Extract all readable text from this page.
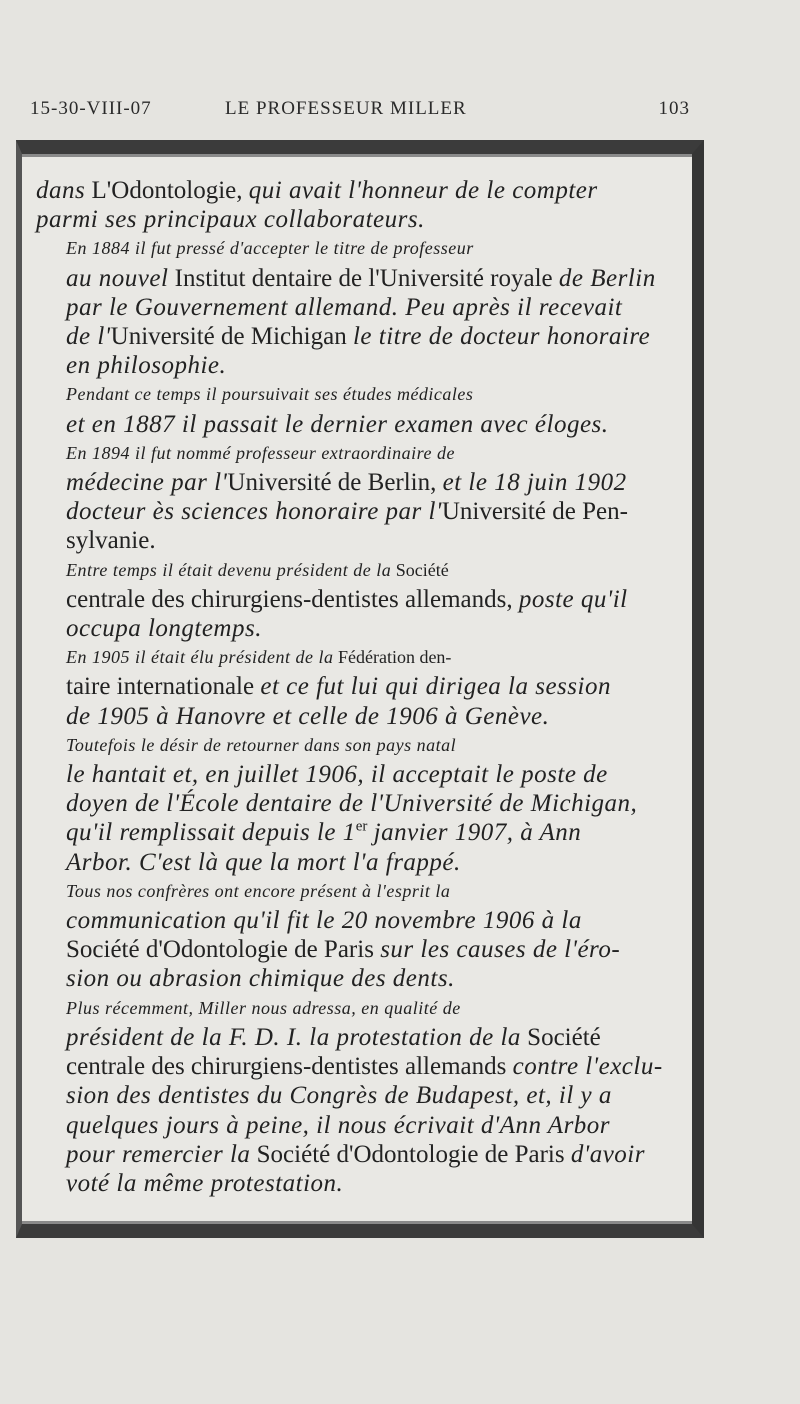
15-30-VIII-07	LE PROFESSEUR MILLER	103

dans L'Odontologie, qui avait l'honneur de le compter
parmi ses principaux collaborateurs.

En 1884 il fut pressé d'accepter le titre de professeur
au nouvel Institut dentaire de l'Université royale de Berlin
par le Gouvernement allemand. Peu après il recevait
de l'Université de Michigan le titre de docteur honoraire
en philosophie.

Pendant ce temps il poursuivait ses études médicales
et en 1887 il passait le dernier examen avec éloges.

En 1894 il fut nommé professeur extraordinaire de
médecine par l'Université de Berlin, et le 18 juin 1902
docteur ès sciences honoraire par l'Université de Pen-
sylvanie.

Entre temps il était devenu président de la Société
centrale des chirurgiens-dentistes allemands, poste qu'il
occupa longtemps.

En 1905 il était élu président de la Fédération den-
taire internationale et ce fut lui qui dirigea la session
de 1905 à Hanovre et celle de 1906 à Genève.

Toutefois le désir de retourner dans son pays natal
le hantait et, en juillet 1906, il acceptait le poste de
doyen de l'École dentaire de l'Université de Michigan,
qu'il remplissait depuis le 1er janvier 1907, à Ann
Arbor. C'est là que la mort l'a frappé.

Tous nos confrères ont encore présent à l'esprit la
communication qu'il fit le 20 novembre 1906 à la
Société d'Odontologie de Paris sur les causes de l'éro-
sion ou abrasion chimique des dents.

Plus récemment, Miller nous adressa, en qualité de
président de la F. D. I. la protestation de la Société
centrale des chirurgiens-dentistes allemands contre l'exclu-
sion des dentistes du Congrès de Budapest, et, il y a
quelques jours à peine, il nous écrivait d'Ann Arbor
pour remercier la Société d'Odontologie de Paris d'avoir
voté la même protestation.
